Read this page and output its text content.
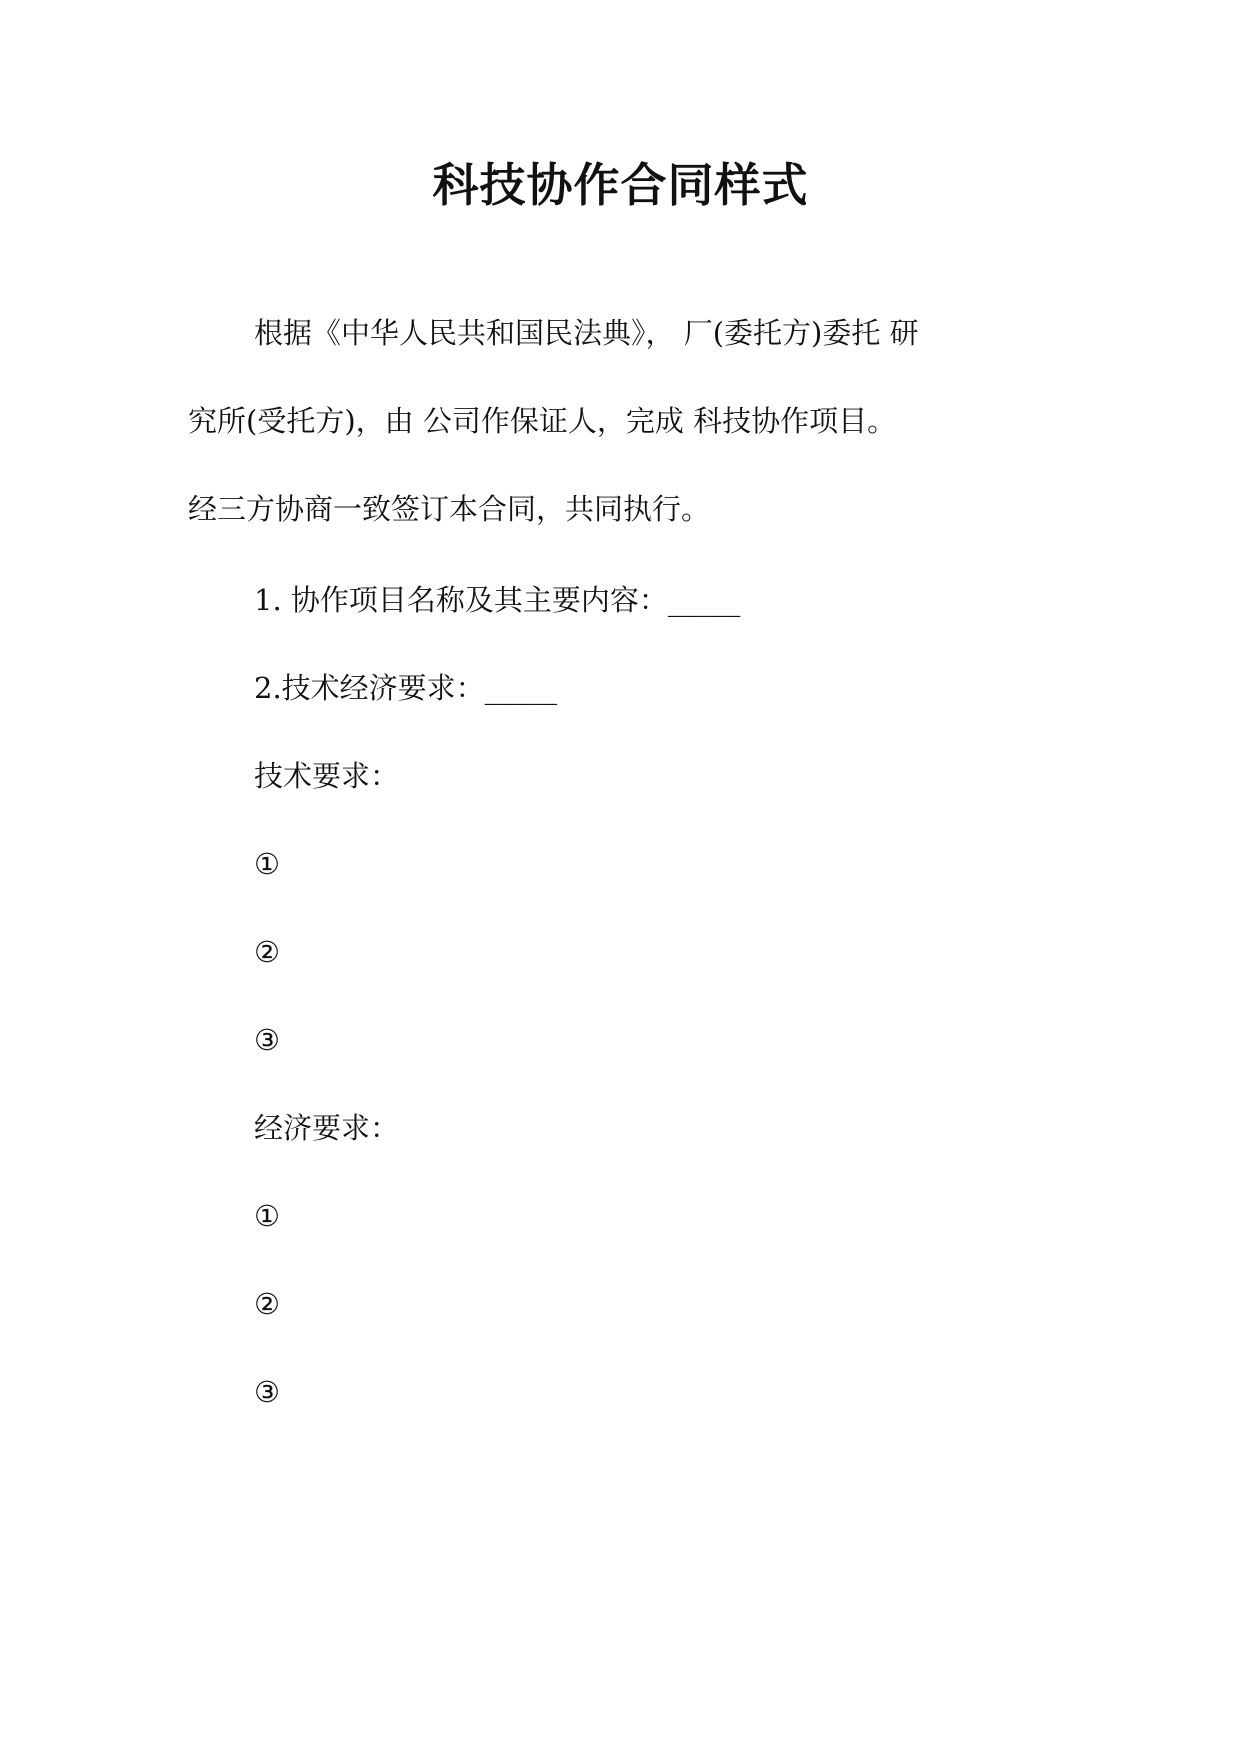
科技协作合同样式
根据《中华人民共和国民法典》， 厂(委托方)委托 研
究所(受托方)，由 公司作保证人，完成 科技协作项目。
经三方协商一致签订本合同，共同执行。
1. 协作项目名称及其主要内容：_____
2.技术经济要求：_____
技术要求：
①
②
③
经济要求：
①
②
③
